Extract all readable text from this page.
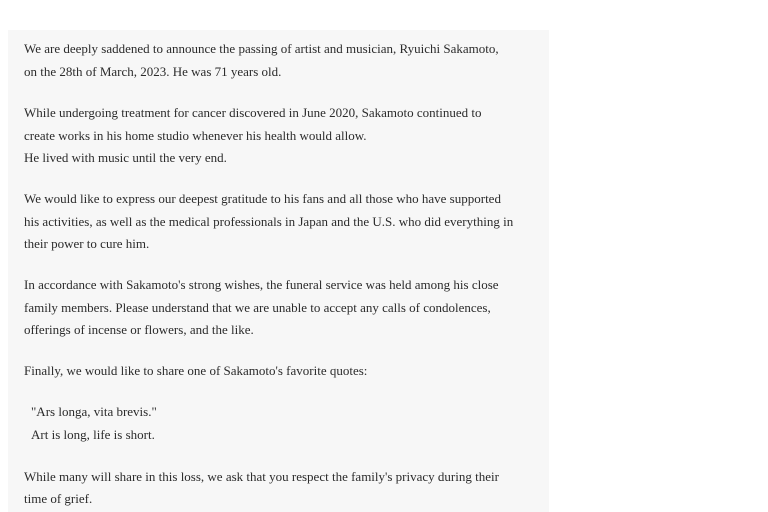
We are deeply saddened to announce the passing of artist and musician, Ryuichi Sakamoto,

on the 28th of March, 2023. He was 71 years old.

While undergoing treatment for cancer discovered in June 2020, Sakamoto continued to

create works in his home studio whenever his health would allow.

He lived with music until the very end.

We would like to express our deepest gratitude to his fans and all those who have supported

his activities, as well as the medical professionals in Japan and the U.S. who did everything in

their power to cure him.

In accordance with Sakamoto's strong wishes, the funeral service was held among his close

family members. Please understand that we are unable to accept any calls of condolences,

offerings of incense or flowers, and the like.

Finally, we would like to share one of Sakamoto's favorite quotes:

"Ars longa, vita brevis."

Art is long, life is short.

While many will share in this loss, we ask that you respect the family's privacy during their

time of grief.
